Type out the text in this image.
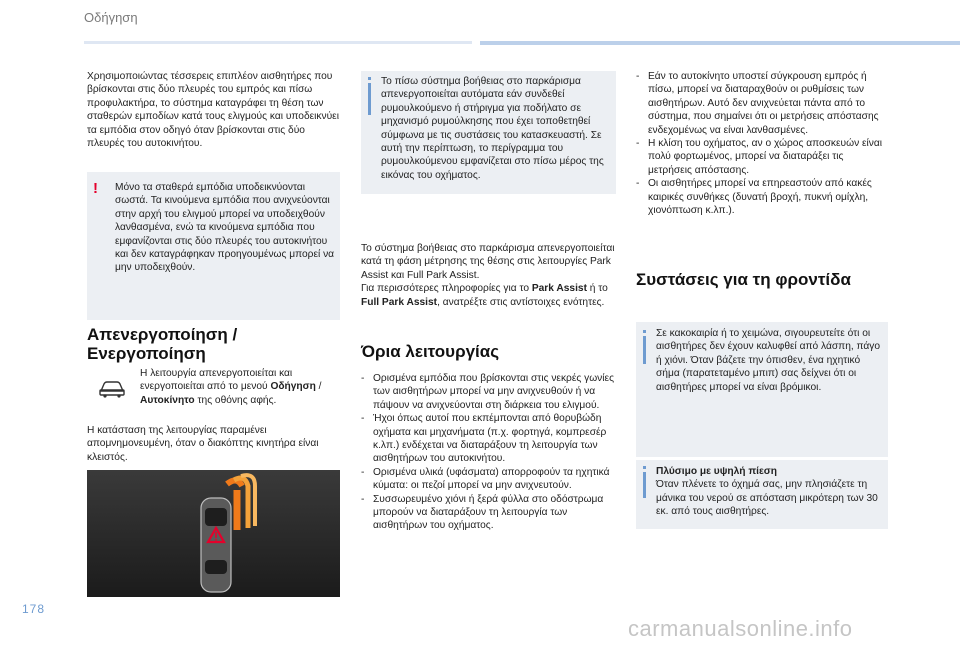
Οδήγηση

Χρησιμοποιώντας τέσσερεις επιπλέον αισθητήρες που βρίσκονται στις δύο πλευρές του εμπρός και πίσω προφυλακτήρα, το σύστημα καταγράφει τη θέση των σταθερών εμποδίων κατά τους ελιγμούς και υποδεικνύει τα εμπόδια στον οδηγό όταν βρίσκονται στις δύο πλευρές του αυτοκινήτου.

! Μόνο τα σταθερά εμπόδια υποδεικνύονται σωστά. Τα κινούμενα εμπόδια που ανιχνεύονται στην αρχή του ελιγμού μπορεί να υποδειχθούν λανθασμένα, ενώ τα κινούμενα εμπόδια που εμφανίζονται στις δύο πλευρές του αυτοκινήτου και δεν καταγράφηκαν προηγουμένως μπορεί να μην υποδειχθούν.
Απενεργοποίηση /
Ενεργοποίηση
Η λειτουργία απενεργοποιείται και ενεργοποιείται από το μενού Οδήγηση / Αυτοκίνητο της οθόνης αφής.

Η κατάσταση της λειτουργίας παραμένει απομνημονευμένη, όταν ο διακόπτης κινητήρα είναι κλειστός.

Το πίσω σύστημα βοήθειας στο παρκάρισμα απενεργοποιείται αυτόματα εάν συνδεθεί ρυμουλκούμενο ή στήριγμα για ποδήλατο σε μηχανισμό ρυμούλκησης που έχει τοποθετηθεί σύμφωνα με τις συστάσεις του κατασκευαστή. Σε αυτή την περίπτωση, το περίγραμμα του ρυμουλκούμενου εμφανίζεται στο πίσω μέρος της εικόνας του οχήματος.

Το σύστημα βοήθειας στο παρκάρισμα απενεργοποιείται κατά τη φάση μέτρησης της θέσης στις λειτουργίες Park Assist και Full Park Assist.

Για περισσότερες πληροφορίες για το Park Assist ή το Full Park Assist, ανατρέξτε στις αντίστοιχες ενότητες.

Όρια λειτουργίας
- Ορισμένα εμπόδια που βρίσκονται στις νεκρές γωνίες των αισθητήρων μπορεί να μην ανιχνευθούν ή να πάψουν να ανιχνεύονται στη διάρκεια του ελιγμού.
- Ήχοι όπως αυτοί που εκπέμπονται από θορυβώδη οχήματα και μηχανήματα (π.χ. φορτηγά, κομπρεσέρ κ.λπ.) ενδέχεται να διαταράξουν τη λειτουργία των αισθητήρων του αυτοκινήτου.
- Ορισμένα υλικά (υφάσματα) απορροφούν τα ηχητικά κύματα: οι πεζοί μπορεί να μην ανιχνευτούν.
- Συσσωρευμένο χιόνι ή ξερά φύλλα στο οδόστρωμα μπορούν να διαταράξουν τη λειτουργία των αισθητήρων του οχήματος.
- Εάν το αυτοκίνητο υποστεί σύγκρουση εμπρός ή πίσω, μπορεί να διαταραχθούν οι ρυθμίσεις των αισθητήρων. Αυτό δεν ανιχνεύεται πάντα από το σύστημα, που σημαίνει ότι οι μετρήσεις απόστασης ενδεχομένως να είναι λανθασμένες.
- Η κλίση του οχήματος, αν ο χώρος αποσκευών είναι πολύ φορτωμένος, μπορεί να διαταράξει τις μετρήσεις απόστασης.
- Οι αισθητήρες μπορεί να επηρεαστούν από κακές καιρικές συνθήκες (δυνατή βροχή, πυκνή ομίχλη, χιονόπτωση κ.λπ.).
Συστάσεις για τη φροντίδα
Σε κακοκαιρία ή το χειμώνα, σιγουρευτείτε ότι οι αισθητήρες δεν έχουν καλυφθεί από λάσπη, πάγο ή χιόνι. Όταν βάζετε την όπισθεν, ένα ηχητικό σήμα (παρατεταμένο μπιπ) σας δείχνει ότι οι αισθητήρες μπορεί να είναι βρόμικοι.
Πλύσιμο με υψηλή πίεση
Όταν πλένετε το όχημά σας, μην πλησιάζετε τη μάνικα του νερού σε απόσταση μικρότερη των 30 εκ. από τους αισθητήρες.
178
carmanualsonline.info
